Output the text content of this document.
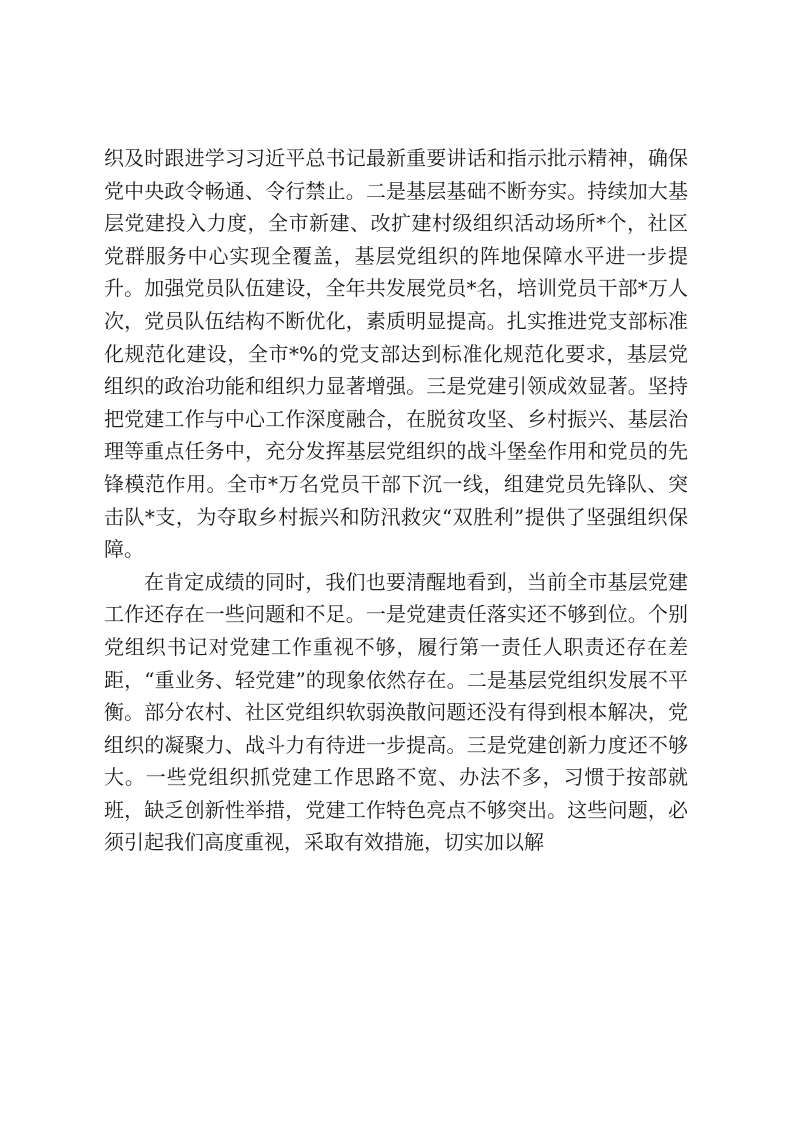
织及时跟进学习习近平总书记最新重要讲话和指示批示精神，确保党中央政令畅通、令行禁止。二是基层基础不断夯实。持续加大基层党建投入力度，全市新建、改扩建村级组织活动场所*个，社区党群服务中心实现全覆盖，基层党组织的阵地保障水平进一步提升。加强党员队伍建设，全年共发展党员*名，培训党员干部*万人次，党员队伍结构不断优化，素质明显提高。扎实推进党支部标准化规范化建设，全市*%的党支部达到标准化规范化要求，基层党组织的政治功能和组织力显著增强。三是党建引领成效显著。坚持把党建工作与中心工作深度融合，在脱贫攻坚、乡村振兴、基层治理等重点任务中，充分发挥基层党组织的战斗堡垒作用和党员的先锋模范作用。全市*万名党员干部下沉一线，组建党员先锋队、突击队*支，为夺取乡村振兴和防汛救灾“双胜利”提供了坚强组织保障。

在肯定成绩的同时，我们也要清醒地看到，当前全市基层党建工作还存在一些问题和不足。一是党建责任落实还不够到位。个别党组织书记对党建工作重视不够，履行第一责任人职责还存在差距，“重业务、轻党建”的现象依然存在。二是基层党组织发展不平衡。部分农村、社区党组织软弱涣散问题还没有得到根本解决，党组织的凝聚力、战斗力有待进一步提高。三是党建创新力度还不够大。一些党组织抓党建工作思路不宽、办法不多，习惯于按部就班，缺乏创新性举措，党建工作特色亮点不够突出。这些问题，必须引起我们高度重视，采取有效措施，切实加以解
